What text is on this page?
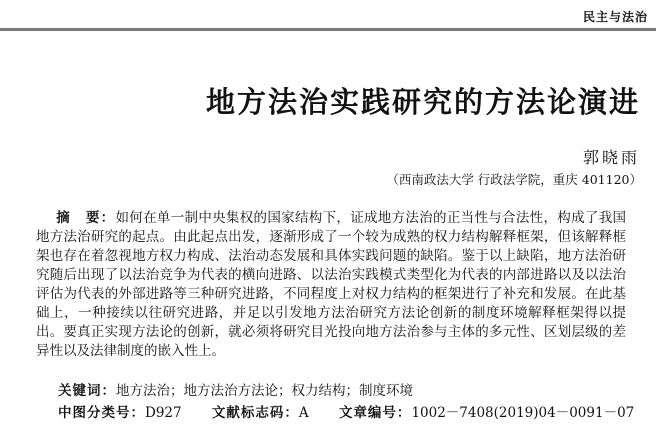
民主与法治
地方法治实践研究的方法论演进
郭晓雨
（西南政法大学 行政法学院，重庆 401120）

摘　要：如何在单一制中央集权的国家结构下，证成地方法治的正当性与合法性，构成了我国地方法治研究的起点。由此起点出发，逐渐形成了一个较为成熟的权力结构解释框架，但该解释框架也存在着忽视地方权力构成、法治动态发展和具体实践问题的缺陷。鉴于以上缺陷，地方法治研究随后出现了以法治竞争为代表的横向进路、以法治实践模式类型化为代表的内部进路以及以法治评估为代表的外部进路等三种研究进路，不同程度上对权力结构的框架进行了补充和发展。在此基础上，一种接续以往研究进路，并足以引发地方法治研究方法论创新的制度环境解释框架得以提出。要真正实现方法论的创新，就必须将研究目光投向地方法治参与主体的多元性、区划层级的差异性以及法律制度的嵌入性上。

关键词：地方法治；地方法治方法论；权力结构；制度环境
中图分类号：D927 文献标志码：A 文章编号：1002－7408(2019)04－0091－07
